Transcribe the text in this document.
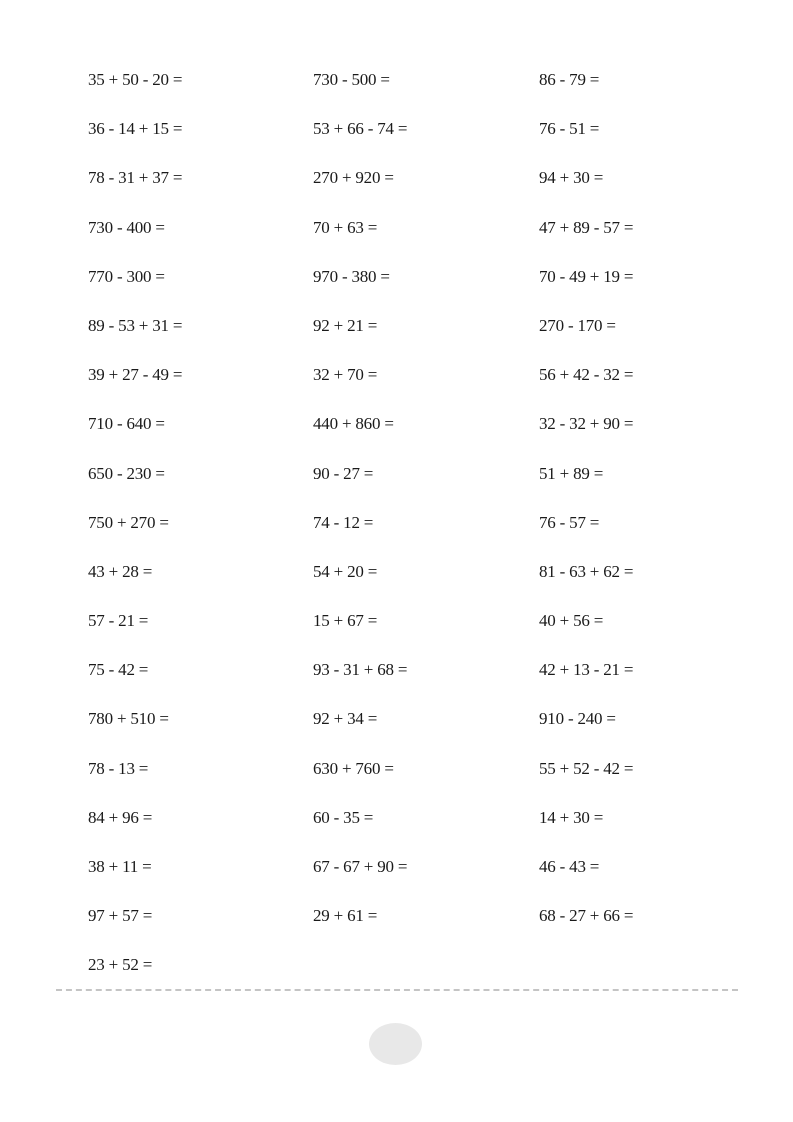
35 + 50 - 20 =
36 - 14 + 15 =
78 - 31 + 37 =
730 - 400 =
770 - 300 =
89 - 53 + 31 =
39 + 27 - 49 =
710 - 640 =
650 - 230 =
750 + 270 =
43 + 28 =
57 - 21 =
75 - 42 =
780 + 510 =
78 - 13 =
84 + 96 =
38 + 11 =
97 + 57 =
23 + 52 =
730 - 500 =
53 + 66 - 74 =
270 + 920 =
70 + 63 =
970 - 380 =
92 + 21 =
32 + 70 =
440 + 860 =
90 - 27 =
74 - 12 =
54 + 20 =
15 + 67 =
93 - 31 + 68 =
92 + 34 =
630 + 760 =
60 - 35 =
67 - 67 + 90 =
29 + 61 =
86 - 79 =
76 - 51 =
94 + 30 =
47 + 89 - 57 =
70 - 49 + 19 =
270 - 170 =
56 + 42 - 32 =
32 - 32 + 90 =
51 + 89 =
76 - 57 =
81 - 63 + 62 =
40 + 56 =
42 + 13 - 21 =
910 - 240 =
55 + 52 - 42 =
14 + 30 =
46 - 43 =
68 - 27 + 66 =
